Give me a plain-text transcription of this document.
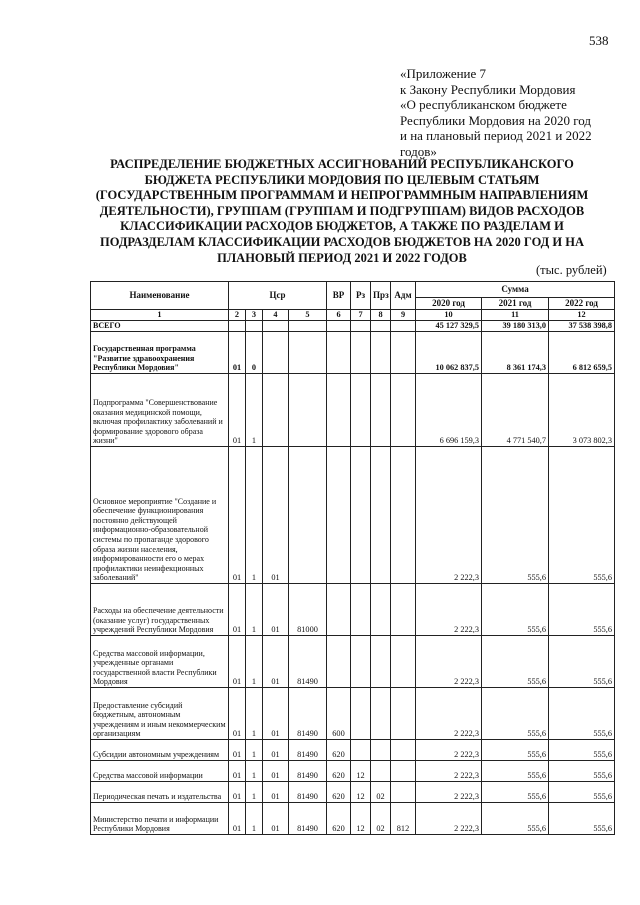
538
«Приложение 7
к Закону Республики Мордовия
«О республиканском бюджете
Республики Мордовия на 2020 год
и на плановый период 2021 и 2022
годов»
РАСПРЕДЕЛЕНИЕ БЮДЖЕТНЫХ АССИГНОВАНИЙ РЕСПУБЛИКАНСКОГО
БЮДЖЕТА РЕСПУБЛИКИ МОРДОВИЯ ПО ЦЕЛЕВЫМ СТАТЬЯМ
(ГОСУДАРСТВЕННЫМ ПРОГРАММАМ И НЕПРОГРАММНЫМ НАПРАВЛЕНИЯМ
ДЕЯТЕЛЬНОСТИ), ГРУППАМ (ГРУППАМ И ПОДГРУППАМ) ВИДОВ РАСХОДОВ
КЛАССИФИКАЦИИ РАСХОДОВ БЮДЖЕТОВ, А ТАКЖЕ ПО РАЗДЕЛАМ И
ПОДРАЗДЕЛАМ КЛАССИФИКАЦИИ РАСХОДОВ БЮДЖЕТОВ НА 2020 ГОД И НА
ПЛАНОВЫЙ ПЕРИОД 2021 И 2022 ГОДОВ
(тыс. рублей)
Наименование	Цср				ВР	Рз	Прз	Адм	Сумма		
									2020 год	2021 год	2022 год
1	2	3	4	5	6	7	8	9	10	11	12
ВСЕГО									45 127 329,5	39 180 313,0	37 538 398,8
Государственная программа "Развитие здравоохранения Республики Мордовия"	01	0							10 062 837,5	8 361 174,3	6 812 659,5
Подпрограмма "Совершенствование оказания медицинской помощи, включая профилактику заболеваний и формирование здорового образа жизни"	01	1							6 696 159,3	4 771 540,7	3 073 802,3
Основное мероприятие "Создание и обеспечение функционирования постоянно действующей информационно-образовательной системы по пропаганде здорового образа жизни населения, информированности его о мерах профилактики неинфекционных заболеваний"	01	1	01						2 222,3	555,6	555,6
Расходы на обеспечение деятельности (оказание услуг) государственных учреждений Республики Мордовия	01	1	01	81000					2 222,3	555,6	555,6
Средства массовой информации, учрежденные органами государственной власти Республики Мордовия	01	1	01	81490					2 222,3	555,6	555,6
Предоставление субсидий бюджетным, автономным учреждениям и иным некоммерческим организациям	01	1	01	81490	600				2 222,3	555,6	555,6
Субсидии автономным учреждениям	01	1	01	81490	620				2 222,3	555,6	555,6
Средства массовой информации	01	1	01	81490	620	12			2 222,3	555,6	555,6
Периодическая печать и издательства	01	1	01	81490	620	12	02		2 222,3	555,6	555,6
Министерство печати и информации Республики Мордовия	01	1	01	81490	620	12	02	812	2 222,3	555,6	555,6
